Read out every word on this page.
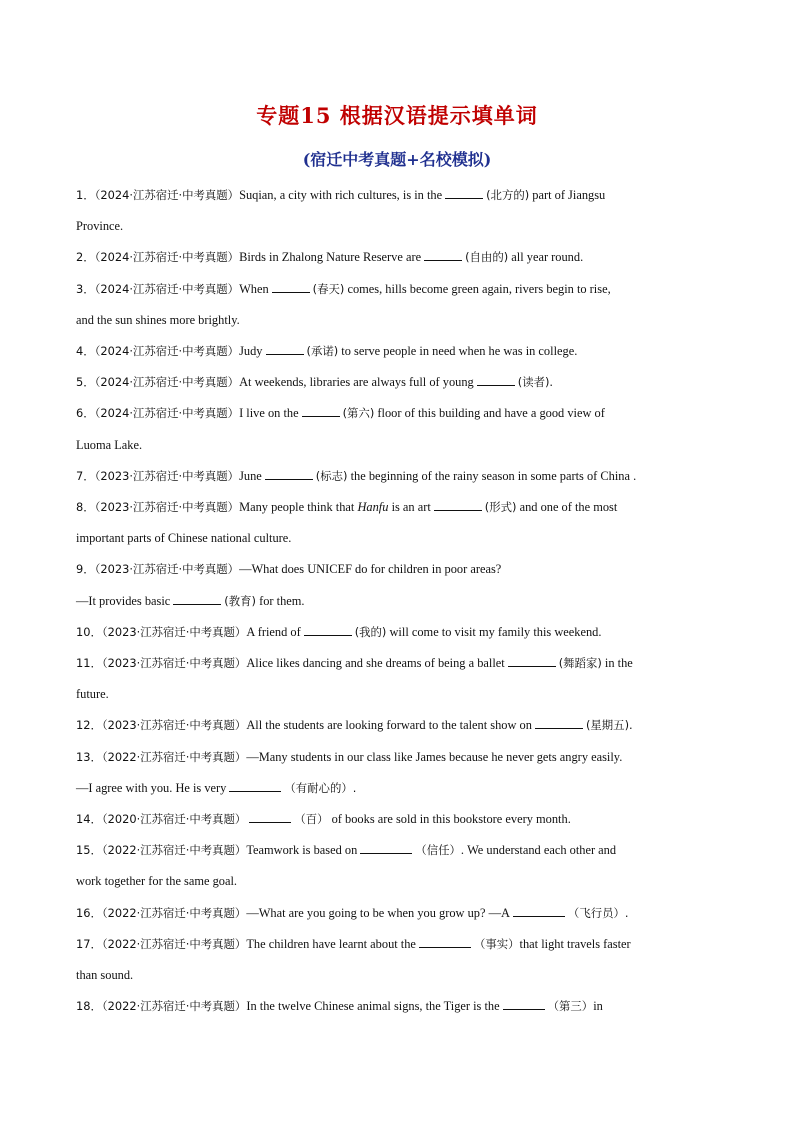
专题15 根据汉语提示填单词
(宿迁中考真题+名校模拟)
1．（2024·江苏宿迁·中考真题）Suqian, a city with rich cultures, is in the	(北方的) part of Jiangsu
Province.
2．（2024·江苏宿迁·中考真题）Birds in Zhalong Nature Reserve are	(自由的) all year round.
3．（2024·江苏宿迁·中考真题）When	(春天) comes, hills become green again, rivers begin to rise,
and the sun shines more brightly.
4．（2024·江苏宿迁·中考真题）Judy	(承诺) to serve people in need when he was in college.
5．（2024·江苏宿迁·中考真题）At weekends, libraries are always full of young	(读者).
6．（2024·江苏宿迁·中考真题）I live on the	(第六) floor of this building and have a good view of
Luoma Lake.
7．（2023·江苏宿迁·中考真题）June	(标志) the beginning of the rainy season in some parts of China .
8．（2023·江苏宿迁·中考真题）Many people think that Hanfu is an art	(形式) and one of the most
important parts of Chinese national culture.
9．（2023·江苏宿迁·中考真题）—What does UNICEF do for children in poor areas?
—It provides basic	(教育) for them.
10．（2023·江苏宿迁·中考真题）A friend of	(我的) will come to visit my family this weekend.
11．（2023·江苏宿迁·中考真题）Alice likes dancing and she dreams of being a ballet	(舞蹈家) in the
future.
12．（2023·江苏宿迁·中考真题）All the students are looking forward to the talent show on	(星期五).
13．（2022·江苏宿迁·中考真题）—Many students in our class like James because he never gets angry easily.
—I agree with you. He is very	（有耐心的）.
14．（2020·江苏宿迁·中考真题）	（百） of books are sold in this bookstore every month.
15．（2022·江苏宿迁·中考真题）Teamwork is based on	（信任）. We understand each other and
work together for the same goal.
16．（2022·江苏宿迁·中考真题）—What are you going to be when you grow up? —A	（飞行员）.
17．（2022·江苏宿迁·中考真题）The children have learnt about the	（事实）that light travels faster
than sound.
18．（2022·江苏宿迁·中考真题）In the twelve Chinese animal signs, the Tiger is the	（第三）in
